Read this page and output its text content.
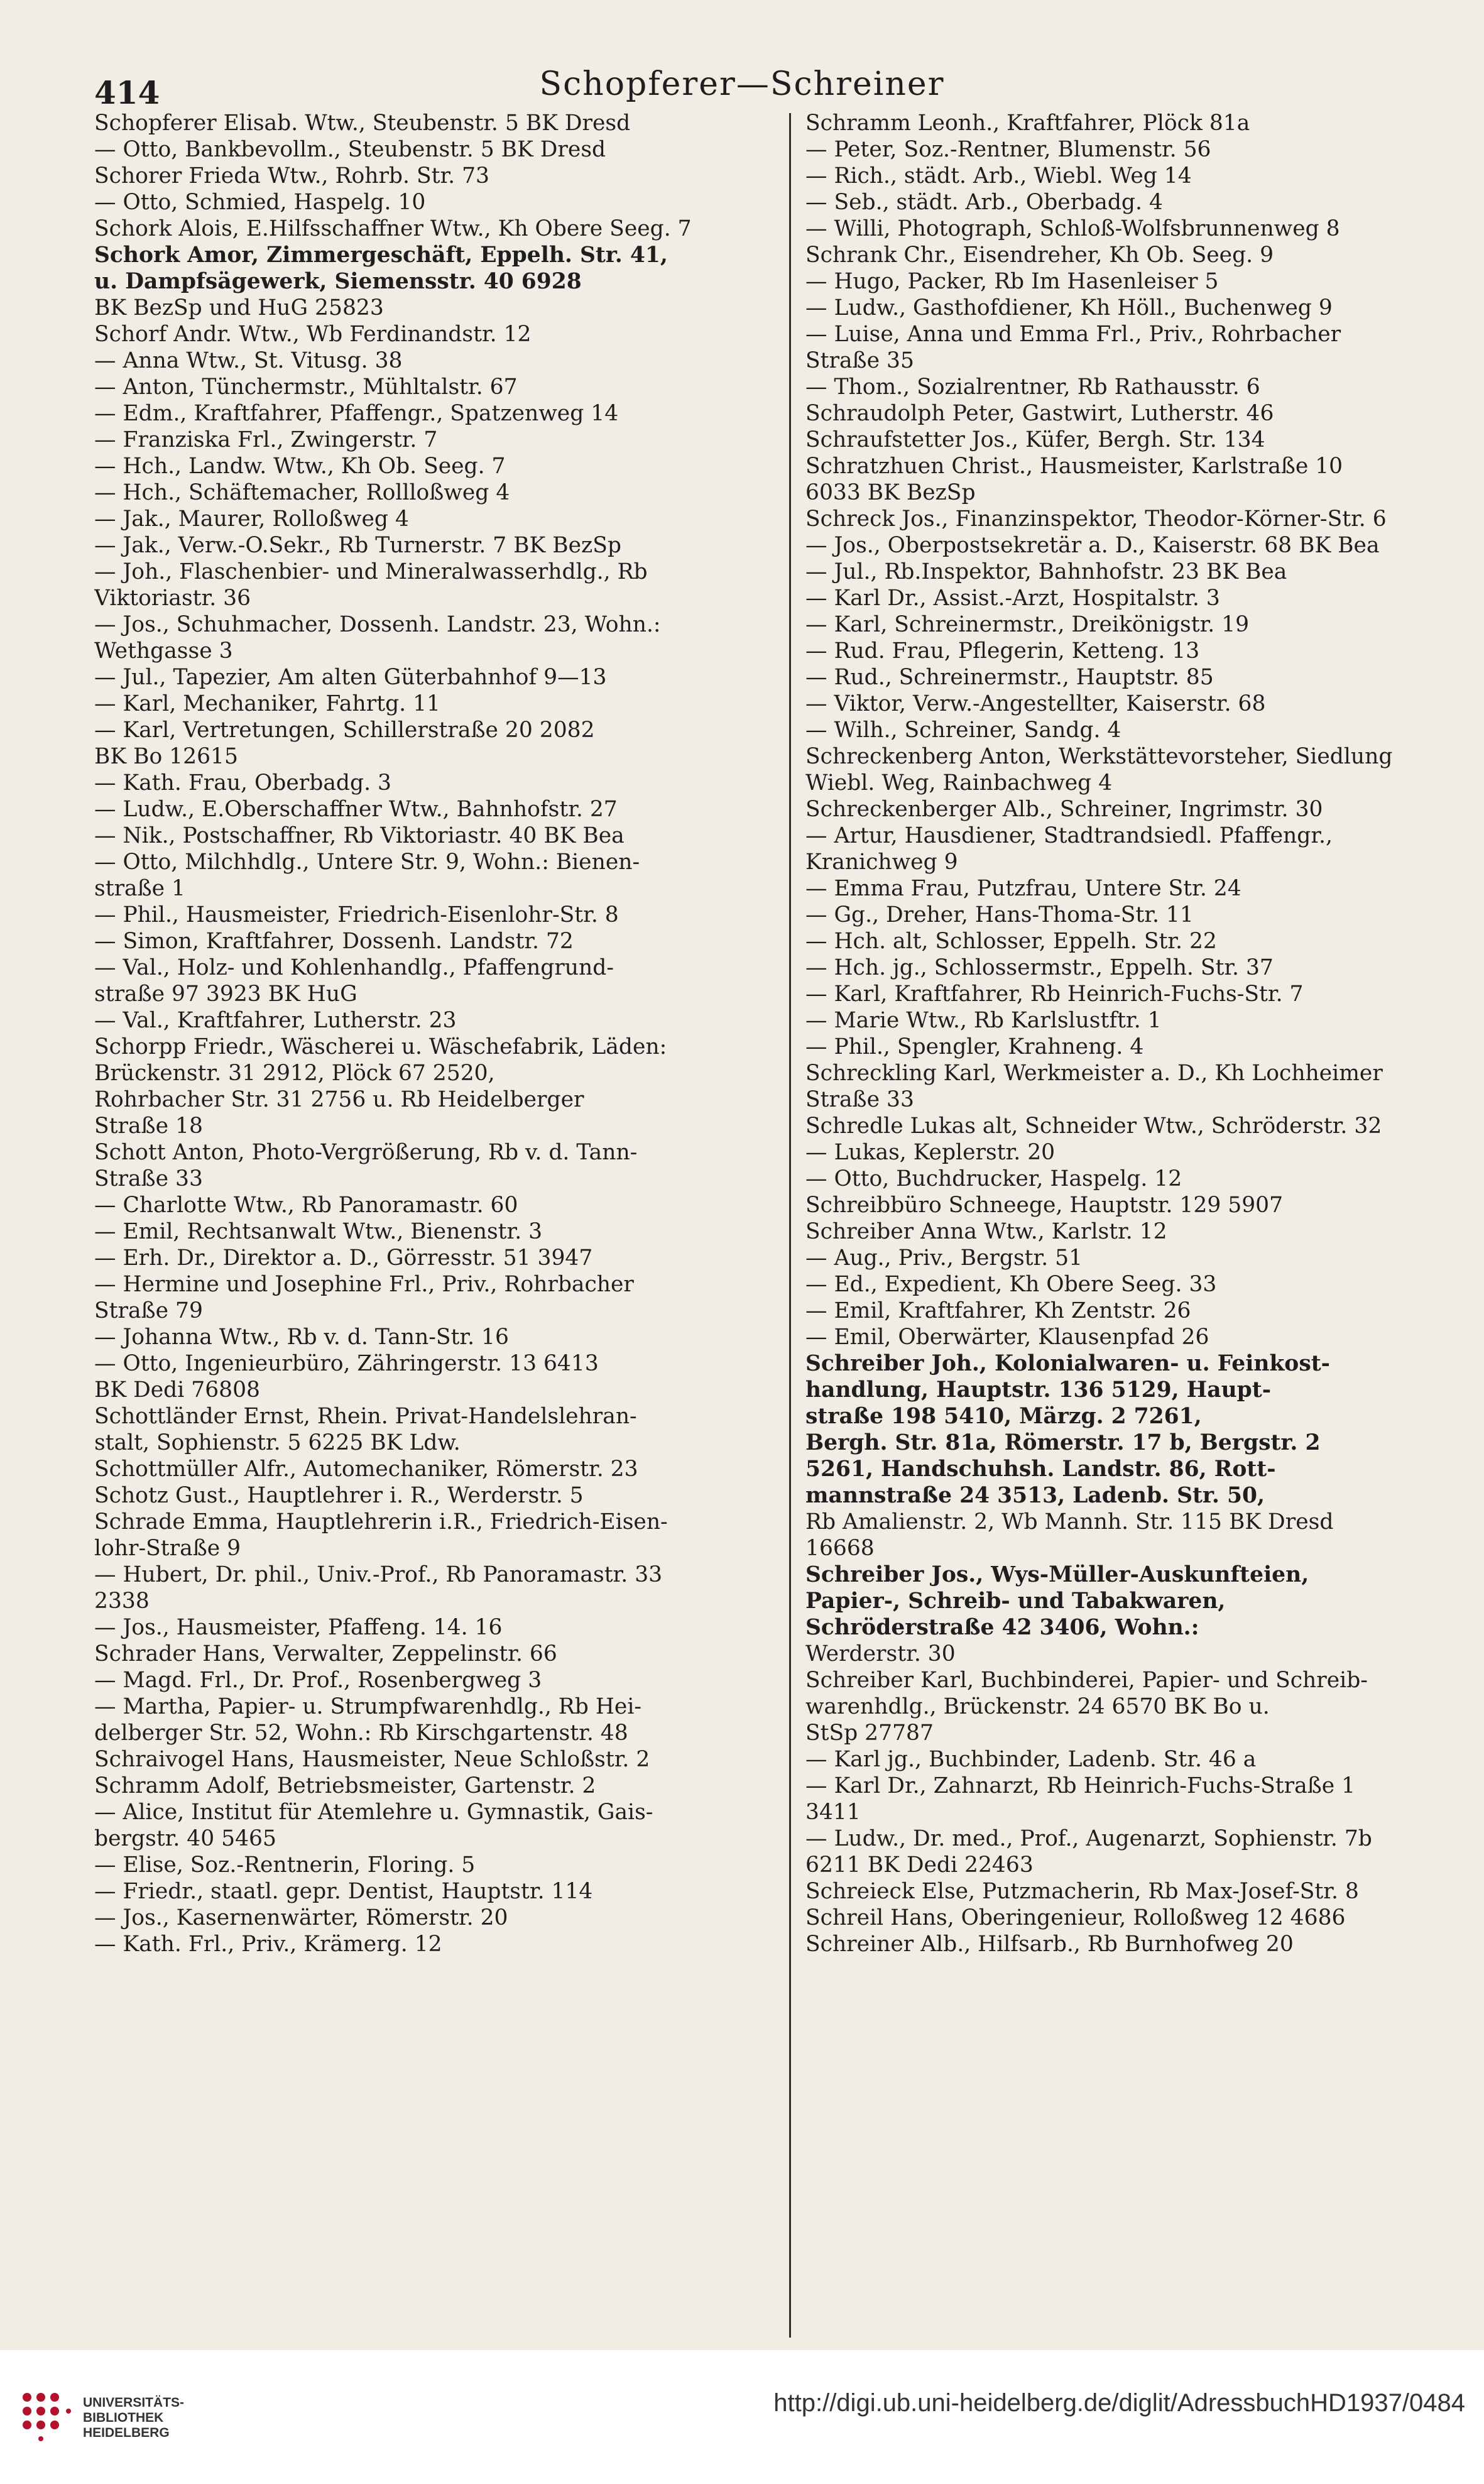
414	Schopferer—Schreiner
Schopferer Elisab. Wtw., Steubenstr. 5 BK Dresd
— Otto, Bankbevollm., Steubenstr. 5 BK Dresd
Schorer Frieda Wtw., Rohrb. Str. 73
— Otto, Schmied, Haspelg. 10
Schork Alois, E.Hilfsschaffner Wtw., Kh Obere Seeg. 7
Schork Amor, Zimmergeschäft, Eppelh. Str. 41,
u. Dampfsägewerk, Siemensstr. 40 6928
BK BezSp und HuG 25823
Schorf Andr. Wtw., Wb Ferdinandstr. 12
— Anna Wtw., St. Vitusg. 38
— Anton, Tünchermstr., Mühltalstr. 67
— Edm., Kraftfahrer, Pfaffengr., Spatzenweg 14
— Franziska Frl., Zwingerstr. 7
— Hch., Landw. Wtw., Kh Ob. Seeg. 7
— Hch., Schäftemacher, Rollloßweg 4
— Jak., Maurer, Rolloßweg 4
— Jak., Verw.-O.Sekr., Rb Turnerstr. 7 BK BezSp
— Joh., Flaschenbier- und Mineralwasserhdlg., Rb
Viktoriastr. 36
— Jos., Schuhmacher, Dossenh. Landstr. 23, Wohn.:
Wethgasse 3
— Jul., Tapezier, Am alten Güterbahnhof 9—13
— Karl, Mechaniker, Fahrtg. 11
— Karl, Vertretungen, Schillerstraße 20 2082
BK Bo 12615
— Kath. Frau, Oberbadg. 3
— Ludw., E.Oberschaffner Wtw., Bahnhofstr. 27
— Nik., Postschaffner, Rb Viktoriastr. 40 BK Bea
— Otto, Milchhdlg., Untere Str. 9, Wohn.: Bienen-
straße 1
— Phil., Hausmeister, Friedrich-Eisenlohr-Str. 8
— Simon, Kraftfahrer, Dossenh. Landstr. 72
— Val., Holz- und Kohlenhandlg., Pfaffengrund-
straße 97 3923 BK HuG
— Val., Kraftfahrer, Lutherstr. 23
Schorpp Friedr., Wäscherei u. Wäschefabrik, Läden:
Brückenstr. 31 2912, Plöck 67 2520,
Rohrbacher Str. 31 2756 u. Rb Heidelberger
Straße 18
Schott Anton, Photo-Vergrößerung, Rb v. d. Tann-
Straße 33
— Charlotte Wtw., Rb Panoramastr. 60
— Emil, Rechtsanwalt Wtw., Bienenstr. 3
— Erh. Dr., Direktor a. D., Görresstr. 51 3947
— Hermine und Josephine Frl., Priv., Rohrbacher
Straße 79
— Johanna Wtw., Rb v. d. Tann-Str. 16
— Otto, Ingenieurbüro, Zähringerstr. 13 6413
BK Dedi 76808
Schottländer Ernst, Rhein. Privat-Handelslehran-
stalt, Sophienstr. 5 6225 BK Ldw.
Schottmüller Alfr., Automechaniker, Römerstr. 23
Schotz Gust., Hauptlehrer i. R., Werderstr. 5
Schrade Emma, Hauptlehrerin i.R., Friedrich-Eisen-
lohr-Straße 9
— Hubert, Dr. phil., Univ.-Prof., Rb Panoramastr. 33
2338
— Jos., Hausmeister, Pfaffeng. 14. 16
Schrader Hans, Verwalter, Zeppelinstr. 66
— Magd. Frl., Dr. Prof., Rosenbergweg 3
— Martha, Papier- u. Strumpfwarenhdlg., Rb Hei-
delberger Str. 52, Wohn.: Rb Kirschgartenstr. 48
Schraivogel Hans, Hausmeister, Neue Schloßstr. 2
Schramm Adolf, Betriebsmeister, Gartenstr. 2
— Alice, Institut für Atemlehre u. Gymnastik, Gais-
bergstr. 40 5465
— Elise, Soz.-Rentnerin, Floring. 5
— Friedr., staatl. gepr. Dentist, Hauptstr. 114
— Jos., Kasernenwärter, Römerstr. 20
— Kath. Frl., Priv., Krämerg. 12
Schramm Leonh., Kraftfahrer, Plöck 81a
— Peter, Soz.-Rentner, Blumenstr. 56
— Rich., städt. Arb., Wiebl. Weg 14
— Seb., städt. Arb., Oberbadg. 4
— Willi, Photograph, Schloß-Wolfsbrunnenweg 8
Schrank Chr., Eisendreher, Kh Ob. Seeg. 9
— Hugo, Packer, Rb Im Hasenleiser 5
— Ludw., Gasthofdiener, Kh Höll., Buchenweg 9
— Luise, Anna und Emma Frl., Priv., Rohrbacher
Straße 35
— Thom., Sozialrentner, Rb Rathausstr. 6
Schraudolph Peter, Gastwirt, Lutherstr. 46
Schraufstetter Jos., Küfer, Bergh. Str. 134
Schratzhuen Christ., Hausmeister, Karlstraße 10
6033 BK BezSp
Schreck Jos., Finanzinspektor, Theodor-Körner-Str. 6
— Jos., Oberpostsekretär a. D., Kaiserstr. 68 BK Bea
— Jul., Rb.Inspektor, Bahnhofstr. 23 BK Bea
— Karl Dr., Assist.-Arzt, Hospitalstr. 3
— Karl, Schreinermstr., Dreikönigstr. 19
— Rud. Frau, Pflegerin, Ketteng. 13
— Rud., Schreinermstr., Hauptstr. 85
— Viktor, Verw.-Angestellter, Kaiserstr. 68
— Wilh., Schreiner, Sandg. 4
Schreckenberg Anton, Werkstättevorsteher, Siedlung
Wiebl. Weg, Rainbachweg 4
Schreckenberger Alb., Schreiner, Ingrimstr. 30
— Artur, Hausdiener, Stadtrandsiedl. Pfaffengr.,
Kranichweg 9
— Emma Frau, Putzfrau, Untere Str. 24
— Gg., Dreher, Hans-Thoma-Str. 11
— Hch. alt, Schlosser, Eppelh. Str. 22
— Hch. jg., Schlossermstr., Eppelh. Str. 37
— Karl, Kraftfahrer, Rb Heinrich-Fuchs-Str. 7
— Marie Wtw., Rb Karlslustftr. 1
— Phil., Spengler, Krahneng. 4
Schreckling Karl, Werkmeister a. D., Kh Lochheimer
Straße 33
Schredle Lukas alt, Schneider Wtw., Schröderstr. 32
— Lukas, Keplerstr. 20
— Otto, Buchdrucker, Haspelg. 12
Schreibbüro Schneege, Hauptstr. 129 5907
Schreiber Anna Wtw., Karlstr. 12
— Aug., Priv., Bergstr. 51
— Ed., Expedient, Kh Obere Seeg. 33
— Emil, Kraftfahrer, Kh Zentstr. 26
— Emil, Oberwärter, Klausenpfad 26
Schreiber Joh., Kolonialwaren- u. Feinkost-
handlung, Hauptstr. 136 5129, Haupt-
straße 198 5410, Märzg. 2 7261,
Bergh. Str. 81a, Römerstr. 17 b, Bergstr. 2
5261, Handschuhsh. Landstr. 86, Rott-
mannstraße 24 3513, Ladenb. Str. 50,
Rb Amalienstr. 2, Wb Mannh. Str. 115 BK Dresd
16668
Schreiber Jos., Wys-Müller-Auskunfteien,
Papier-, Schreib- und Tabakwaren,
Schröderstraße 42 3406, Wohn.:
Werderstr. 30
Schreiber Karl, Buchbinderei, Papier- und Schreib-
warenhdlg., Brückenstr. 24 6570 BK Bo u.
StSp 27787
— Karl jg., Buchbinder, Ladenb. Str. 46 a
— Karl Dr., Zahnarzt, Rb Heinrich-Fuchs-Straße 1
3411
— Ludw., Dr. med., Prof., Augenarzt, Sophienstr. 7b
6211 BK Dedi 22463
Schreieck Else, Putzmacherin, Rb Max-Josef-Str. 8
Schreil Hans, Oberingenieur, Rolloßweg 12 4686
Schreiner Alb., Hilfsarb., Rb Burnhofweg 20
UNIVERSITÄTS-
BIBLIOTHEK
HEIDELBERG
http://digi.ub.uni-heidelberg.de/diglit/AdressbuchHD1937/0484
